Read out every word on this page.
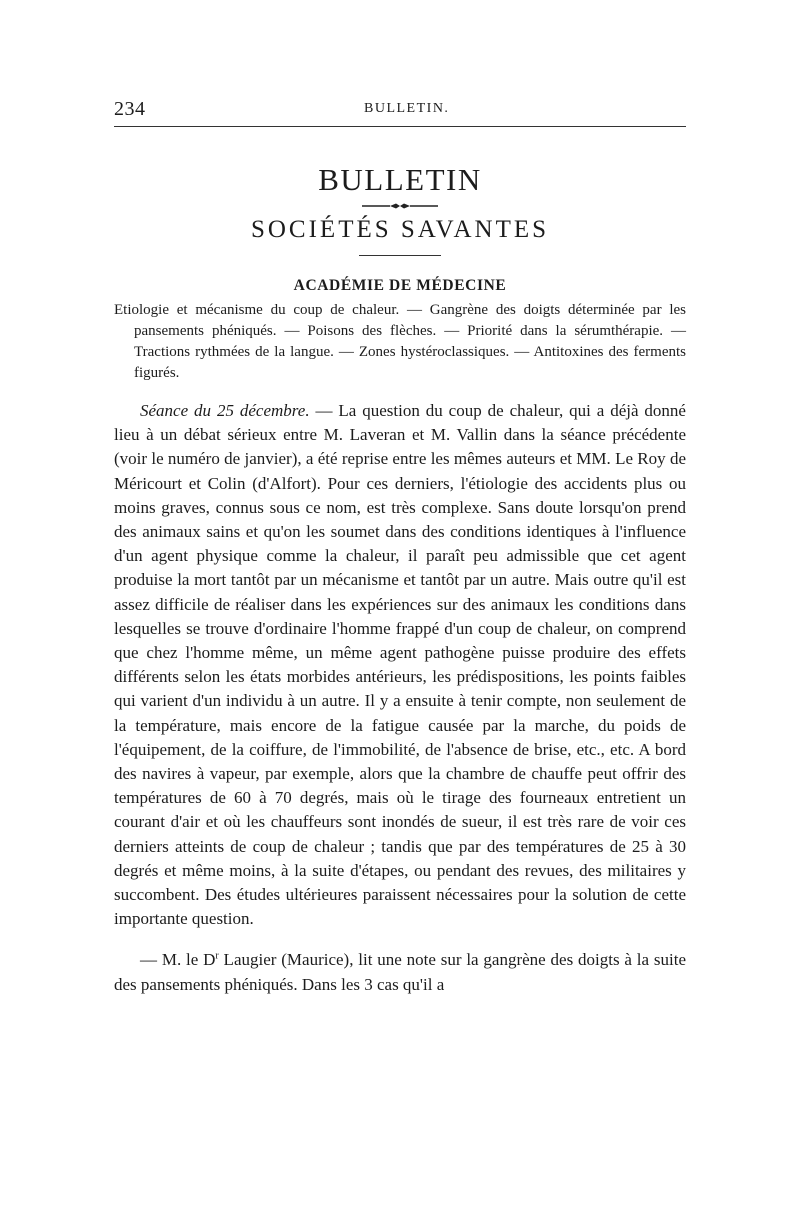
234	BULLETIN.
BULLETIN
SOCIÉTÉS SAVANTES
ACADÉMIE DE MÉDECINE

Etiologie et mécanisme du coup de chaleur. — Gangrène des doigts déterminée par les pansements phéniqués. — Poisons des flèches. — Priorité dans la sérumthérapie. — Tractions rythmées de la langue. — Zones hystéroclassiques. — Antitoxines des ferments figurés.

Séance du 25 décembre. — La question du coup de chaleur, qui a déjà donné lieu à un débat sérieux entre M. Laveran et M. Vallin dans la séance précédente (voir le numéro de janvier), a été reprise entre les mêmes auteurs et MM. Le Roy de Méricourt et Colin (d'Alfort). Pour ces derniers, l'étiologie des accidents plus ou moins graves, connus sous ce nom, est très complexe. Sans doute lorsqu'on prend des animaux sains et qu'on les soumet dans des conditions identiques à l'influence d'un agent physique comme la chaleur, il paraît peu admissible que cet agent produise la mort tantôt par un mécanisme et tantôt par un autre. Mais outre qu'il est assez difficile de réaliser dans les expériences sur des animaux les conditions dans lesquelles se trouve d'ordinaire l'homme frappé d'un coup de chaleur, on comprend que chez l'homme même, un même agent pathogène puisse produire des effets différents selon les états morbides antérieurs, les prédispositions, les points faibles qui varient d'un individu à un autre. Il y a ensuite à tenir compte, non seulement de la température, mais encore de la fatigue causée par la marche, du poids de l'équipement, de la coiffure, de l'immobilité, de l'absence de brise, etc., etc. A bord des navires à vapeur, par exemple, alors que la chambre de chauffe peut offrir des températures de 60 à 70 degrés, mais où le tirage des fourneaux entretient un courant d'air et où les chauffeurs sont inondés de sueur, il est très rare de voir ces derniers atteints de coup de chaleur ; tandis que par des températures de 25 à 30 degrés et même moins, à la suite d'étapes, ou pendant des revues, des militaires y succombent. Des études ultérieures paraissent nécessaires pour la solution de cette importante question.

— M. le $D^r$ Laugier (Maurice), lit une note sur la gangrène des doigts à la suite des pansements phéniqués. Dans les 3 cas qu'il a
